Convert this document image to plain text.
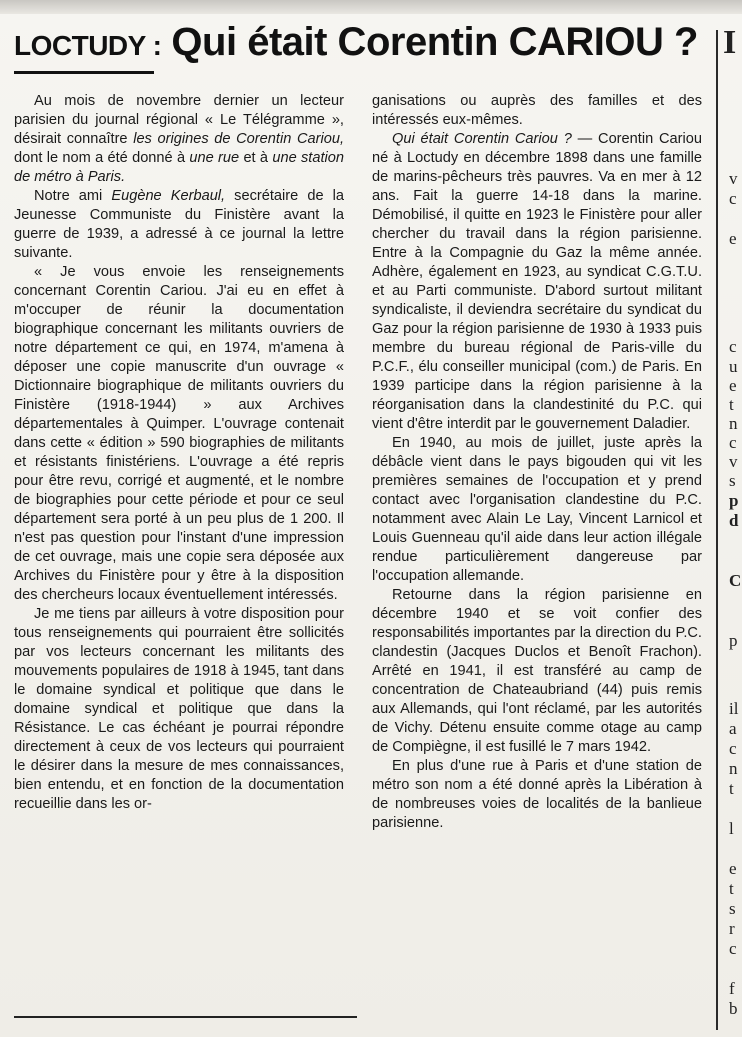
LOCTUDY : Qui était Corentin CARIOU ?

Au mois de novembre dernier un lecteur parisien du journal régional « Le Télégramme », désirait connaître les origines de Corentin Cariou, dont le nom a été donné à une rue et à une station de métro à Paris.

Notre ami Eugène Kerbaul, secrétaire de la Jeunesse Communiste du Finistère avant la guerre de 1939, a adressé à ce journal la lettre suivante.

« Je vous envoie les renseignements concernant Corentin Cariou. J'ai eu en effet à m'occuper de réunir la documentation biographique concernant les militants ouvriers de notre département ce qui, en 1974, m'amena à déposer une copie manuscrite d'un ouvrage « Dictionnaire biographique de militants ouvriers du Finistère (1918-1944) » aux Archives départementales à Quimper. L'ouvrage contenait dans cette « édition » 590 biographies de militants et résistants finistériens. L'ouvrage a été repris pour être revu, corrigé et augmenté, et le nombre de biographies pour cette période et pour ce seul département sera porté à un peu plus de 1 200. Il n'est pas question pour l'instant d'une impression de cet ouvrage, mais une copie sera déposée aux Archives du Finistère pour y être à la disposition des chercheurs locaux éventuellement intéressés.

Je me tiens par ailleurs à votre disposition pour tous renseignements qui pourraient être sollicités par vos lecteurs concernant les militants des mouvements populaires de 1918 à 1945, tant dans le domaine syndical et politique que dans le domaine syndical et politique que dans la Résistance. Le cas échéant je pourrai répondre directement à ceux de vos lecteurs qui pourraient le désirer dans la mesure de mes connaissances, bien entendu, et en fonction de la documentation recueillie dans les or-

ganisations ou auprès des familles et des intéressés eux-mêmes.

Qui était Corentin Cariou ? — Corentin Cariou né à Loctudy en décembre 1898 dans une famille de marins-pêcheurs très pauvres. Va en mer à 12 ans. Fait la guerre 14-18 dans la marine. Démobilisé, il quitte en 1923 le Finistère pour aller chercher du travail dans la région parisienne. Entre à la Compagnie du Gaz la même année. Adhère, également en 1923, au syndicat C.G.T.U. et au Parti communiste. D'abord surtout militant syndicaliste, il deviendra secrétaire du syndicat du Gaz pour la région parisienne de 1930 à 1933 puis membre du bureau régional de Paris-ville du P.C.F., élu conseiller municipal (com.) de Paris. En 1939 participe dans la région parisienne à la réorganisation dans la clandestinité du P.C. qui vient d'être interdit par le gouvernement Daladier.

En 1940, au mois de juillet, juste après la débâcle vient dans le pays bigouden qui vit les premières semaines de l'occupation et y prend contact avec l'organisation clandestine du P.C. notamment avec Alain Le Lay, Vincent Larnicol et Louis Guenneau qu'il aide dans leur action illégale rendue particulièrement dangereuse par l'occupation allemande.

Retourne dans la région parisienne en décembre 1940 et se voit confier des responsabilités importantes par la direction du P.C. clandestin (Jacques Duclos et Benoît Frachon). Arrêté en 1941, il est transféré au camp de concentration de Chateaubriand (44) puis remis aux Allemands, qui l'ont réclamé, par les autorités de Vichy. Détenu ensuite comme otage au camp de Compiègne, il est fusillé le 7 mars 1942.

En plus d'une rue à Paris et d'une station de métro son nom a été donné après la Libération à de nombreuses voies de localités de la banlieue parisienne.

I
v
c
e
c
u
e
t
n
c
v
s
p
d
C
p
il
a
c
n
t
l
e
t
s
r
c
f
b
